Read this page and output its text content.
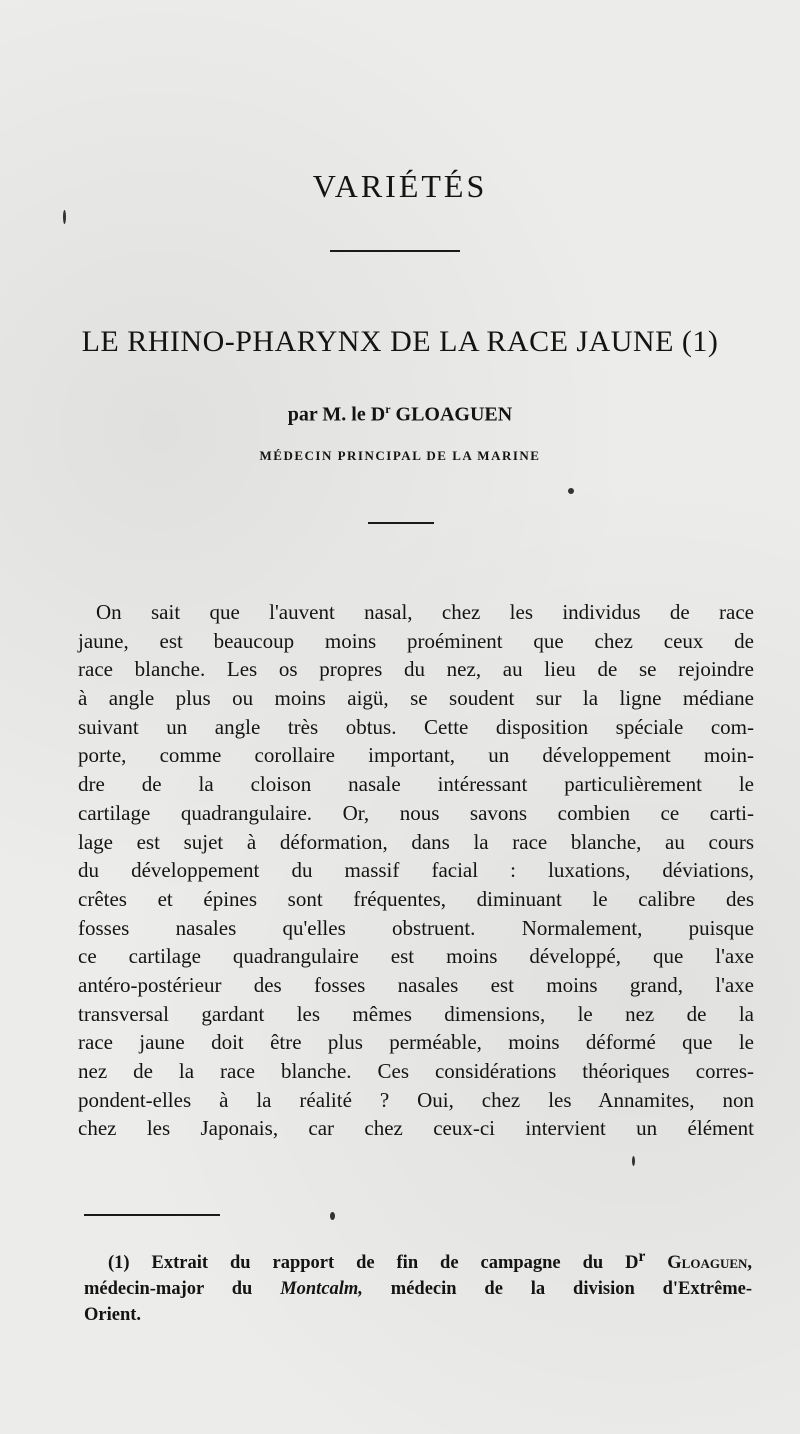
VARIÉTÉS
LE RHINO-PHARYNX DE LA RACE JAUNE (1)
par M. le $D^r$ GLOAGUEN
MÉDECIN PRINCIPAL DE LA MARINE
On sait que l'auvent nasal, chez les individus de race
jaune, est beaucoup moins proéminent que chez ceux de
race blanche. Les os propres du nez, au lieu de se rejoindre
à angle plus ou moins aigü, se soudent sur la ligne médiane
suivant un angle très obtus. Cette disposition spéciale com-
porte, comme corollaire important, un développement moin-
dre de la cloison nasale intéressant particulièrement le
cartilage quadrangulaire. Or, nous savons combien ce carti-
lage est sujet à déformation, dans la race blanche, au cours
du développement du massif facial : luxations, déviations,
crêtes et épines sont fréquentes, diminuant le calibre des
fosses nasales qu'elles obstruent. Normalement, puisque
ce cartilage quadrangulaire est moins développé, que l'axe
antéro-postérieur des fosses nasales est moins grand, l'axe
transversal gardant les mêmes dimensions, le nez de la
race jaune doit être plus perméable, moins déformé que le
nez de la race blanche. Ces considérations théoriques corres-
pondent-elles à la réalité ? Oui, chez les Annamites, non
chez les Japonais, car chez ceux-ci intervient un élément
(1) Extrait du rapport de fin de campagne du $D^r$ Gloaguen,
médecin-major du Montcalm, médecin de la division d'Extrême-
Orient.
